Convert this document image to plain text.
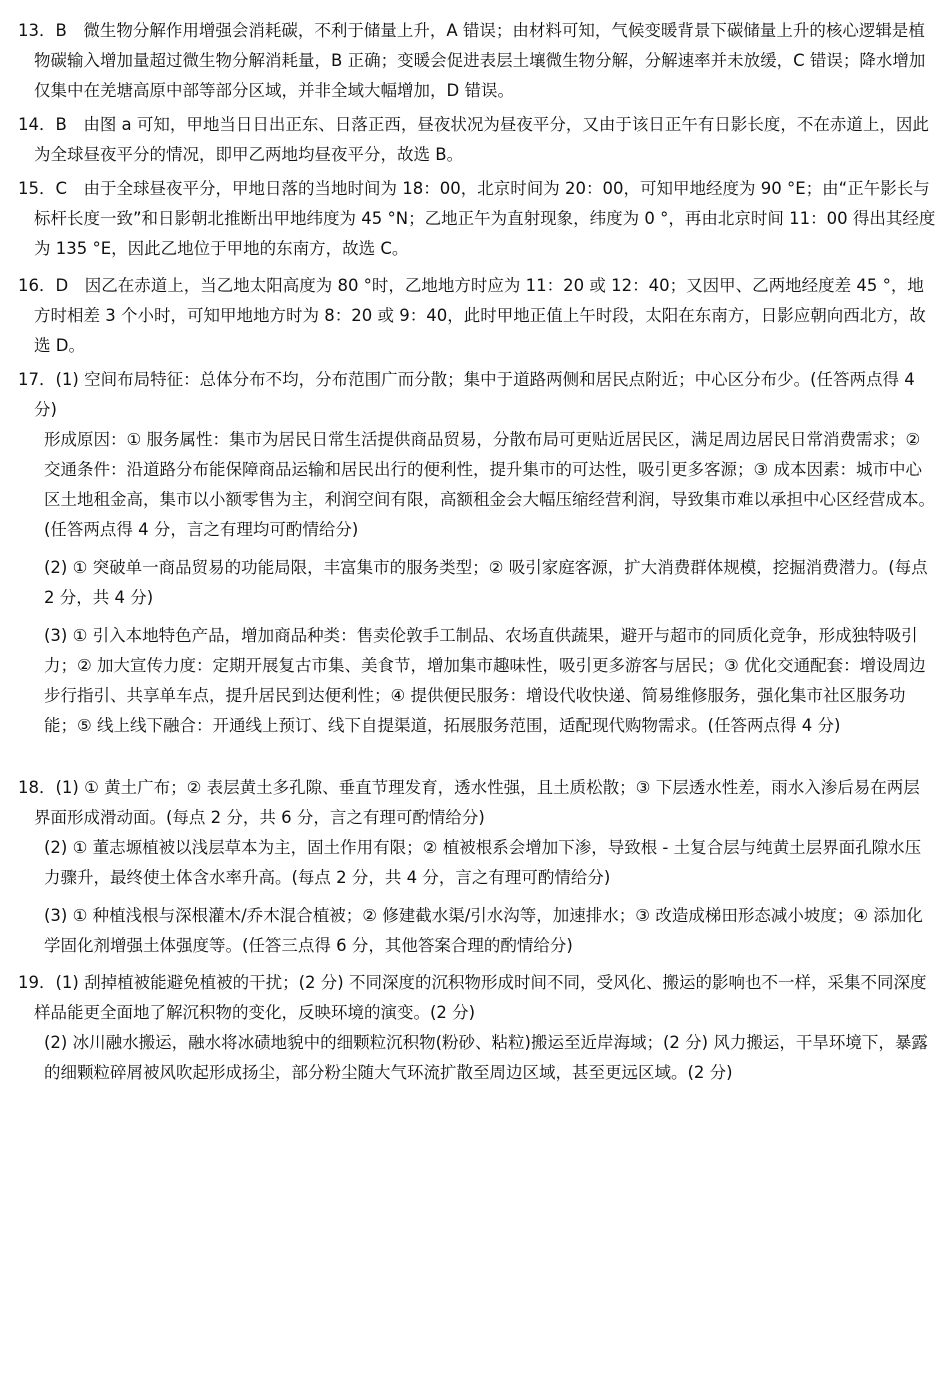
13．B　微生物分解作用增强会消耗碳，不利于储量上升，A 错误；由材料可知，气候变暖背景下碳储量上升的核心逻辑是植物碳输入增加量超过微生物分解消耗量，B 正确；变暖会促进表层土壤微生物分解，分解速率并未放缓，C 错误；降水增加仅集中在羌塘高原中部等部分区域，并非全域大幅增加，D 错误。

14．B　由图 a 可知，甲地当日日出正东、日落正西，昼夜状况为昼夜平分，又由于该日正午有日影长度，不在赤道上，因此为全球昼夜平分的情况，即甲乙两地均昼夜平分，故选 B。

15．C　由于全球昼夜平分，甲地日落的当地时间为 18：00，北京时间为 20：00，可知甲地经度为 90 °E；由“正午影长与标杆长度一致”和日影朝北推断出甲地纬度为 45 °N；乙地正午为直射现象，纬度为 0 °，再由北京时间 11：00 得出其经度为 135 °E，因此乙地位于甲地的东南方，故选 C。

16．D　因乙在赤道上，当乙地太阳高度为 80 °时，乙地地方时应为 11：20 或 12：40；又因甲、乙两地经度差 45 °，地方时相差 3 个小时，可知甲地地方时为 8：20 或 9：40，此时甲地正值上午时段，太阳在东南方，日影应朝向西北方，故选 D。

17．(1) 空间布局特征：总体分布不均，分布范围广而分散；集中于道路两侧和居民点附近；中心区分布少。(任答两点得 4 分)

形成原因：① 服务属性：集市为居民日常生活提供商品贸易，分散布局可更贴近居民区，满足周边居民日常消费需求；② 交通条件：沿道路分布能保障商品运输和居民出行的便利性，提升集市的可达性，吸引更多客源；③ 成本因素：城市中心区土地租金高，集市以小额零售为主，利润空间有限，高额租金会大幅压缩经营利润，导致集市难以承担中心区经营成本。(任答两点得 4 分，言之有理均可酌情给分)

(2) ① 突破单一商品贸易的功能局限，丰富集市的服务类型；② 吸引家庭客源，扩大消费群体规模，挖掘消费潜力。(每点 2 分，共 4 分)

(3) ① 引入本地特色产品，增加商品种类：售卖伦敦手工制品、农场直供蔬果，避开与超市的同质化竞争，形成独特吸引力；② 加大宣传力度：定期开展复古市集、美食节，增加集市趣味性，吸引更多游客与居民；③ 优化交通配套：增设周边步行指引、共享单车点，提升居民到达便利性；④ 提供便民服务：增设代收快递、简易维修服务，强化集市社区服务功能；⑤ 线上线下融合：开通线上预订、线下自提渠道，拓展服务范围，适配现代购物需求。(任答两点得 4 分)

18．(1) ① 黄土广布；② 表层黄土多孔隙、垂直节理发育，透水性强，且土质松散；③ 下层透水性差，雨水入渗后易在两层界面形成滑动面。(每点 2 分，共 6 分，言之有理可酌情给分)

(2) ① 董志塬植被以浅层草本为主，固土作用有限；② 植被根系会增加下渗，导致根 - 土复合层与纯黄土层界面孔隙水压力骤升，最终使土体含水率升高。(每点 2 分，共 4 分，言之有理可酌情给分)

(3) ① 种植浅根与深根灌木/乔木混合植被；② 修建截水渠/引水沟等，加速排水；③ 改造成梯田形态减小坡度；④ 添加化学固化剂增强土体强度等。(任答三点得 6 分，其他答案合理的酌情给分)

19．(1) 刮掉植被能避免植被的干扰；(2 分) 不同深度的沉积物形成时间不同，受风化、搬运的影响也不一样，采集不同深度样品能更全面地了解沉积物的变化，反映环境的演变。(2 分)

(2) 冰川融水搬运，融水将冰碛地貌中的细颗粒沉积物(粉砂、粘粒)搬运至近岸海域；(2 分) 风力搬运，干旱环境下，暴露的细颗粒碎屑被风吹起形成扬尘，部分粉尘随大气环流扩散至周边区域，甚至更远区域。(2 分)
